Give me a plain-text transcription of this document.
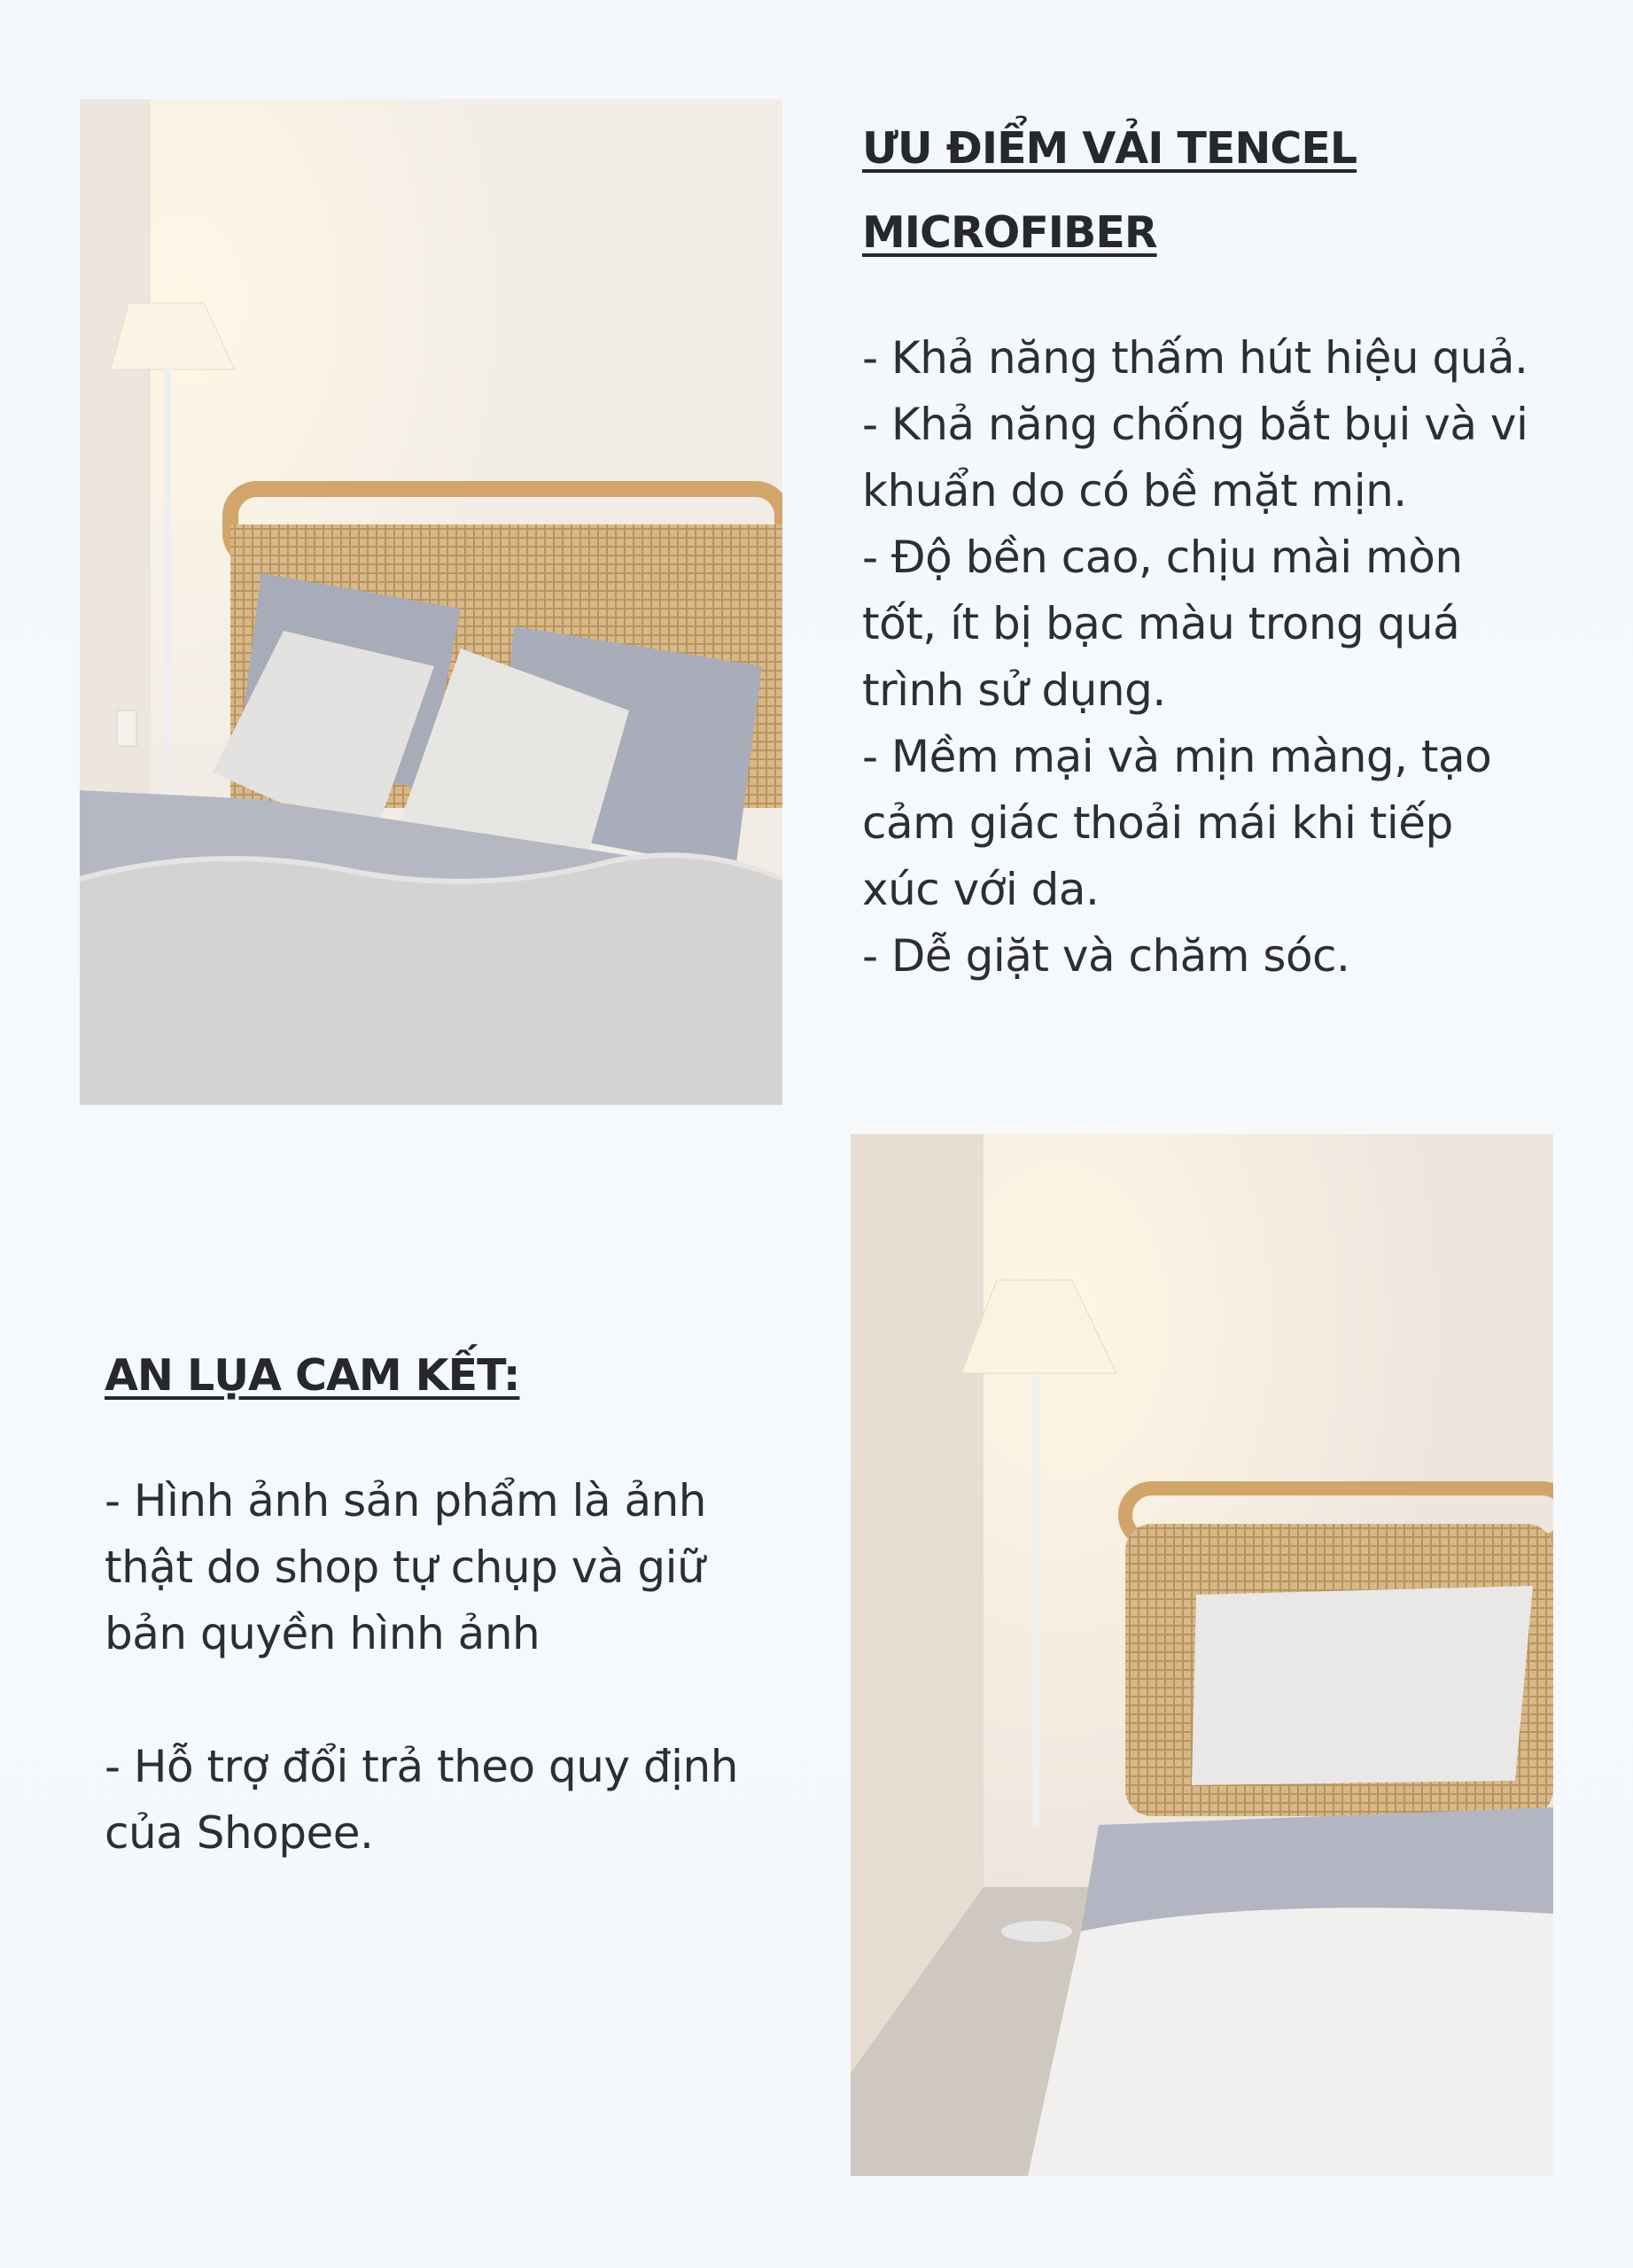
ƯU ĐIỂM VẢI TENCEL
MICROFIBER
- Khả năng thấm hút hiệu quả.
- Khả năng chống bắt bụi và vi
khuẩn do có bề mặt mịn.
- Độ bền cao, chịu mài mòn
tốt, ít bị bạc màu trong quá
trình sử dụng.
- Mềm mại và mịn màng, tạo
cảm giác thoải mái khi tiếp
xúc với da.
- Dễ giặt và chăm sóc.
AN LỤA CAM KẾT:
- Hình ảnh sản phẩm là ảnh
thật do shop tự chụp và giữ
bản quyền hình ảnh
- Hỗ trợ đổi trả theo quy định
của Shopee.
